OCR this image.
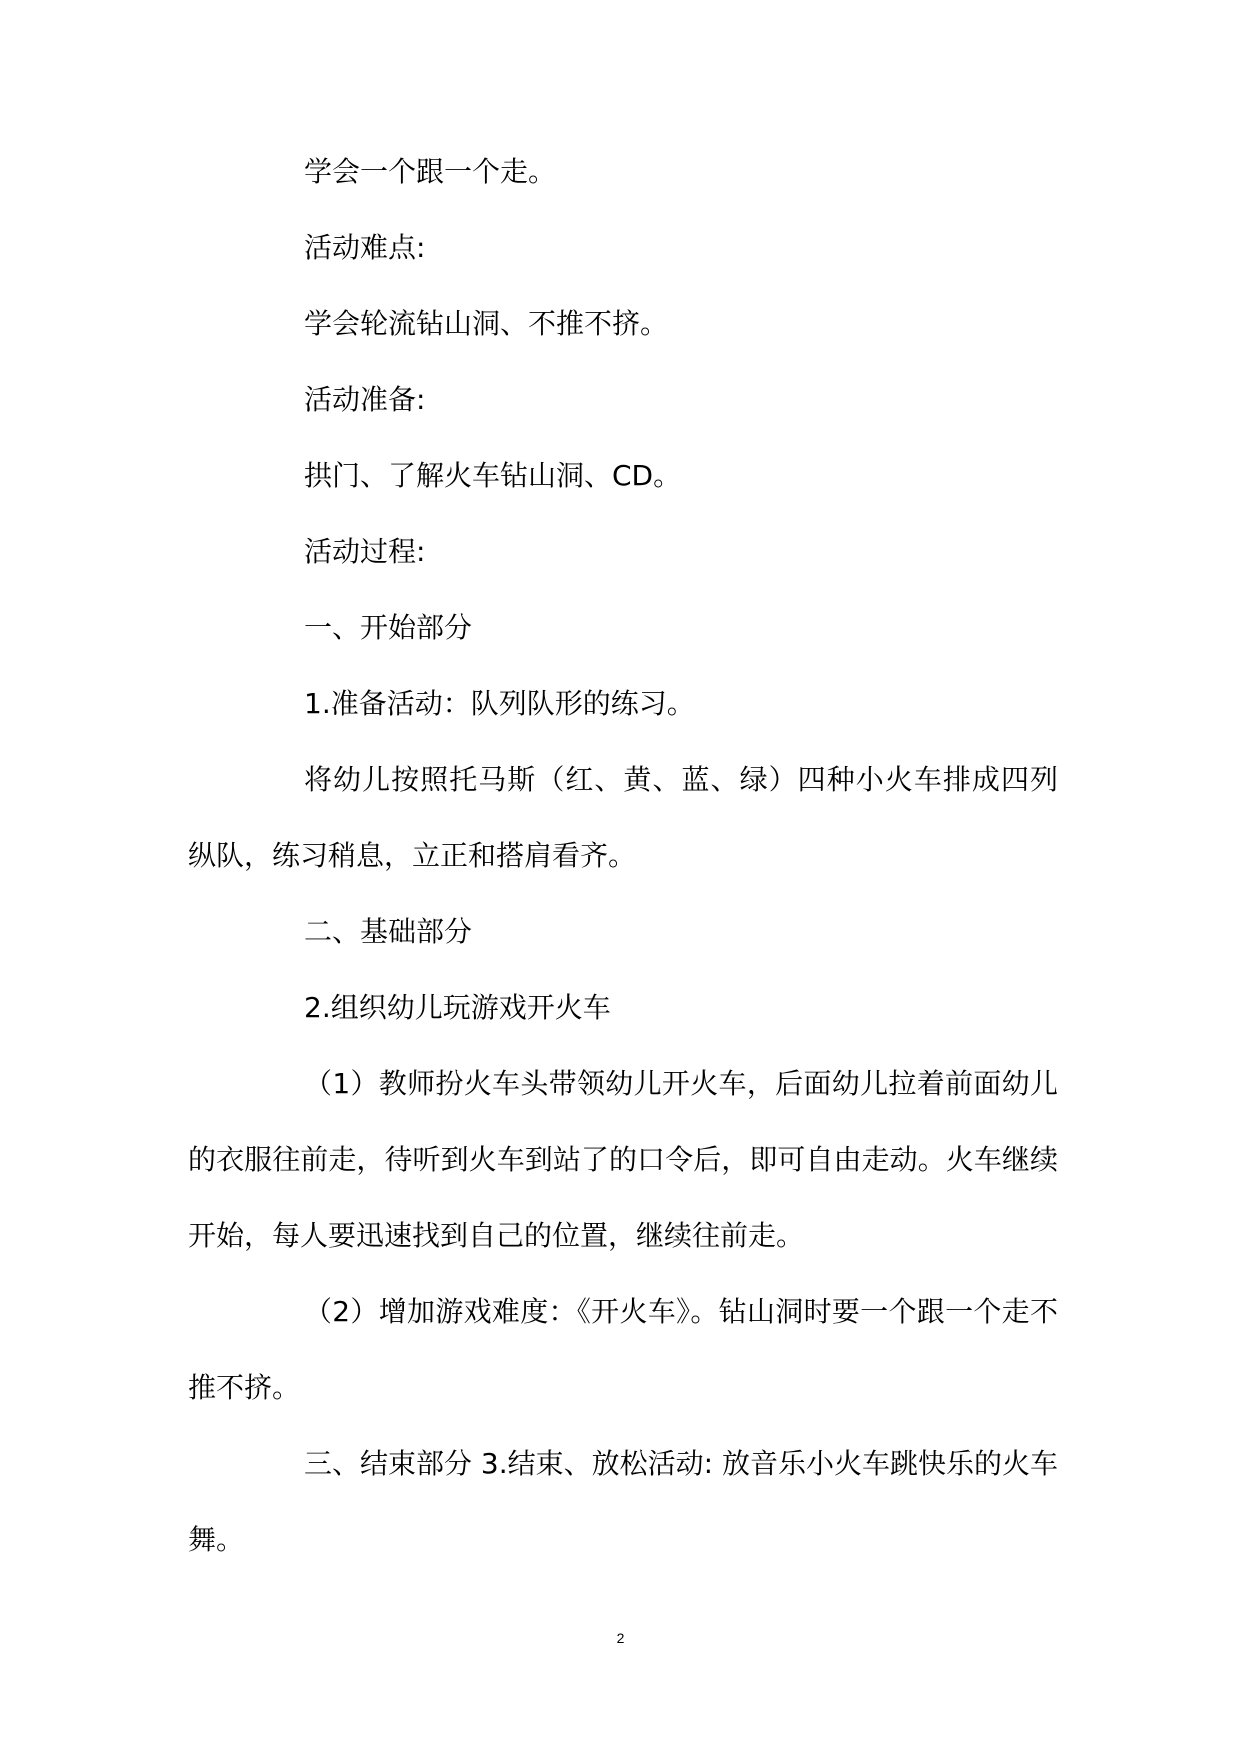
学会一个跟一个走。

活动难点:

学会轮流钻山洞、不推不挤。

活动准备:

拱门、了解火车钻山洞、CD。

活动过程:

一、开始部分

1.准备活动：队列队形的练习。

将幼儿按照托马斯（红、黄、蓝、绿）四种小火车排成四列纵队，练习稍息，立正和搭肩看齐。

二、基础部分

2.组织幼儿玩游戏开火车

（1）教师扮火车头带领幼儿开火车，后面幼儿拉着前面幼儿的衣服往前走，待听到火车到站了的口令后，即可自由走动。火车继续开始，每人要迅速找到自己的位置，继续往前走。

（2）增加游戏难度：《开火车》。钻山洞时要一个跟一个走不推不挤。

三、结束部分 3.结束、放松活动: 放音乐小火车跳快乐的火车舞。

2
